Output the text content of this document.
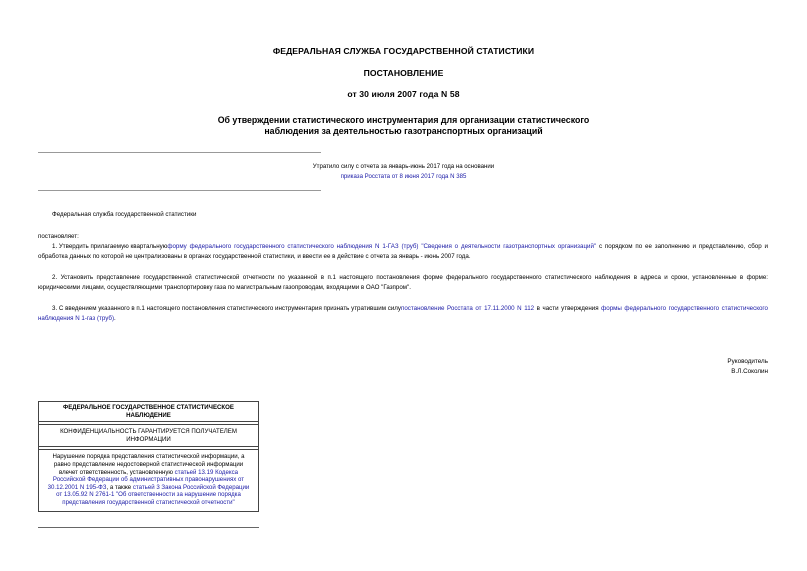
ФЕДЕРАЛЬНАЯ СЛУЖБА ГОСУДАРСТВЕННОЙ СТАТИСТИКИ
ПОСТАНОВЛЕНИЕ
от 30 июля 2007 года N 58
Об утверждении статистического инструментария для организации статистического
наблюдения за деятельностью газотранспортных организаций
Утратило силу с отчета за январь-июнь 2017 года на основании
приказа Росстата от 8 июня 2017 года N 385
Федеральная служба государственной статистики
постановляет:
1. Утвердить прилагаемую квартальнуюформу федерального государственного статистического наблюдения N 1-ГАЗ (труб) "Сведения о деятельности газотранспортных организаций" с порядком по ее заполнению и представлению, сбор и обработка данных по которой не централизованы в органах государственной статистики, и ввести ее в действие с отчета за январь - июнь 2007 года.
2. Установить представление государственной статистической отчетности по указанной в п.1 настоящего постановления форме федерального государственного статистического наблюдения в адреса и сроки, установленные в форме: юридическими лицами, осуществляющими транспортировку газа по магистральным газопроводам, входящими в ОАО "Газпром".
3. С введением указанного в п.1 настоящего постановления статистического инструментария признать утратившим силупостановление Росстата от 17.11.2000 N 112 в части утверждения формы федерального государственного статистического наблюдения N 1-газ (труб).
Руководитель
В.Л.Соколин
ФЕДЕРАЛЬНОЕ ГОСУДАРСТВЕННОЕ СТАТИСТИЧЕСКОЕ НАБЛЮДЕНИЕ
КОНФИДЕНЦИАЛЬНОСТЬ ГАРАНТИРУЕТСЯ ПОЛУЧАТЕЛЕМ ИНФОРМАЦИИ
Нарушение порядка представления статистической информации, а равно представление недостоверной статистической информации влечет ответственность, установленную статьей 13.19 Кодекса Российской Федерации об административных правонарушениях от 30.12.2001 N 195-ФЗ, а также статьей 3 Закона Российской Федерации от 13.05.92 N 2761-1 "Об ответственности за нарушение порядка представления государственной статистической отчетности"
